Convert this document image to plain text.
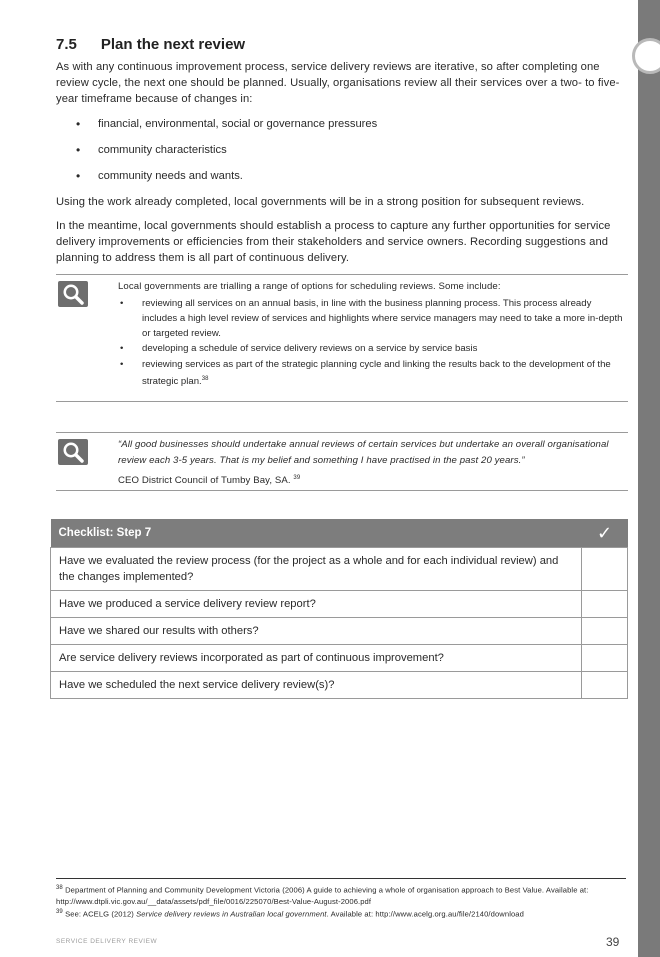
7.5 Plan the next review

As with any continuous improvement process, service delivery reviews are iterative, so after completing one review cycle, the next one should be planned. Usually, organisations review all their services over a two- to five-year timeframe because of changes in:

• financial, environmental, social or governance pressures
• community characteristics
• community needs and wants.

Using the work already completed, local governments will be in a strong position for subsequent reviews.

In the meantime, local governments should establish a process to capture any further opportunities for service delivery improvements or efficiencies from their stakeholders and service owners. Recording suggestions and planning to address them is all part of continuous delivery.

Local governments are trialling a range of options for scheduling reviews. Some include:

• reviewing all services on an annual basis, in line with the business planning process. This process already includes a high level review of services and highlights where service managers may need to take a more in-depth or targeted review.
• developing a schedule of service delivery reviews on a service by service basis
• reviewing services as part of the strategic planning cycle and linking the results back to the development of the strategic plan.$^{38}$

“All good businesses should undertake annual reviews of certain services but undertake an overall organisational review each 3-5 years. That is my belief and something I have practised in the past 20 years.”

CEO District Council of Tumby Bay, SA. $^{39}$

Checklist: Step 7	✓
Have we evaluated the review process (for the project as a whole and for each individual review) and the changes implemented?	
Have we produced a service delivery review report?	
Have we shared our results with others?	
Are service delivery reviews incorporated as part of continuous improvement?	
Have we scheduled the next service delivery review(s)?	

$^{38}$ Department of Planning and Community Development Victoria (2006) A guide to achieving a whole of organisation approach to Best Value. Available at: http://www.dtpli.vic.gov.au/__data/assets/pdf_file/0016/225070/Best-Value-August-2006.pdf

$^{39}$ See: ACELG (2012) Service delivery reviews in Australian local government. Available at: http://www.acelg.org.au/file/2140/download

SERVICE DELIVERY REVIEW	39
